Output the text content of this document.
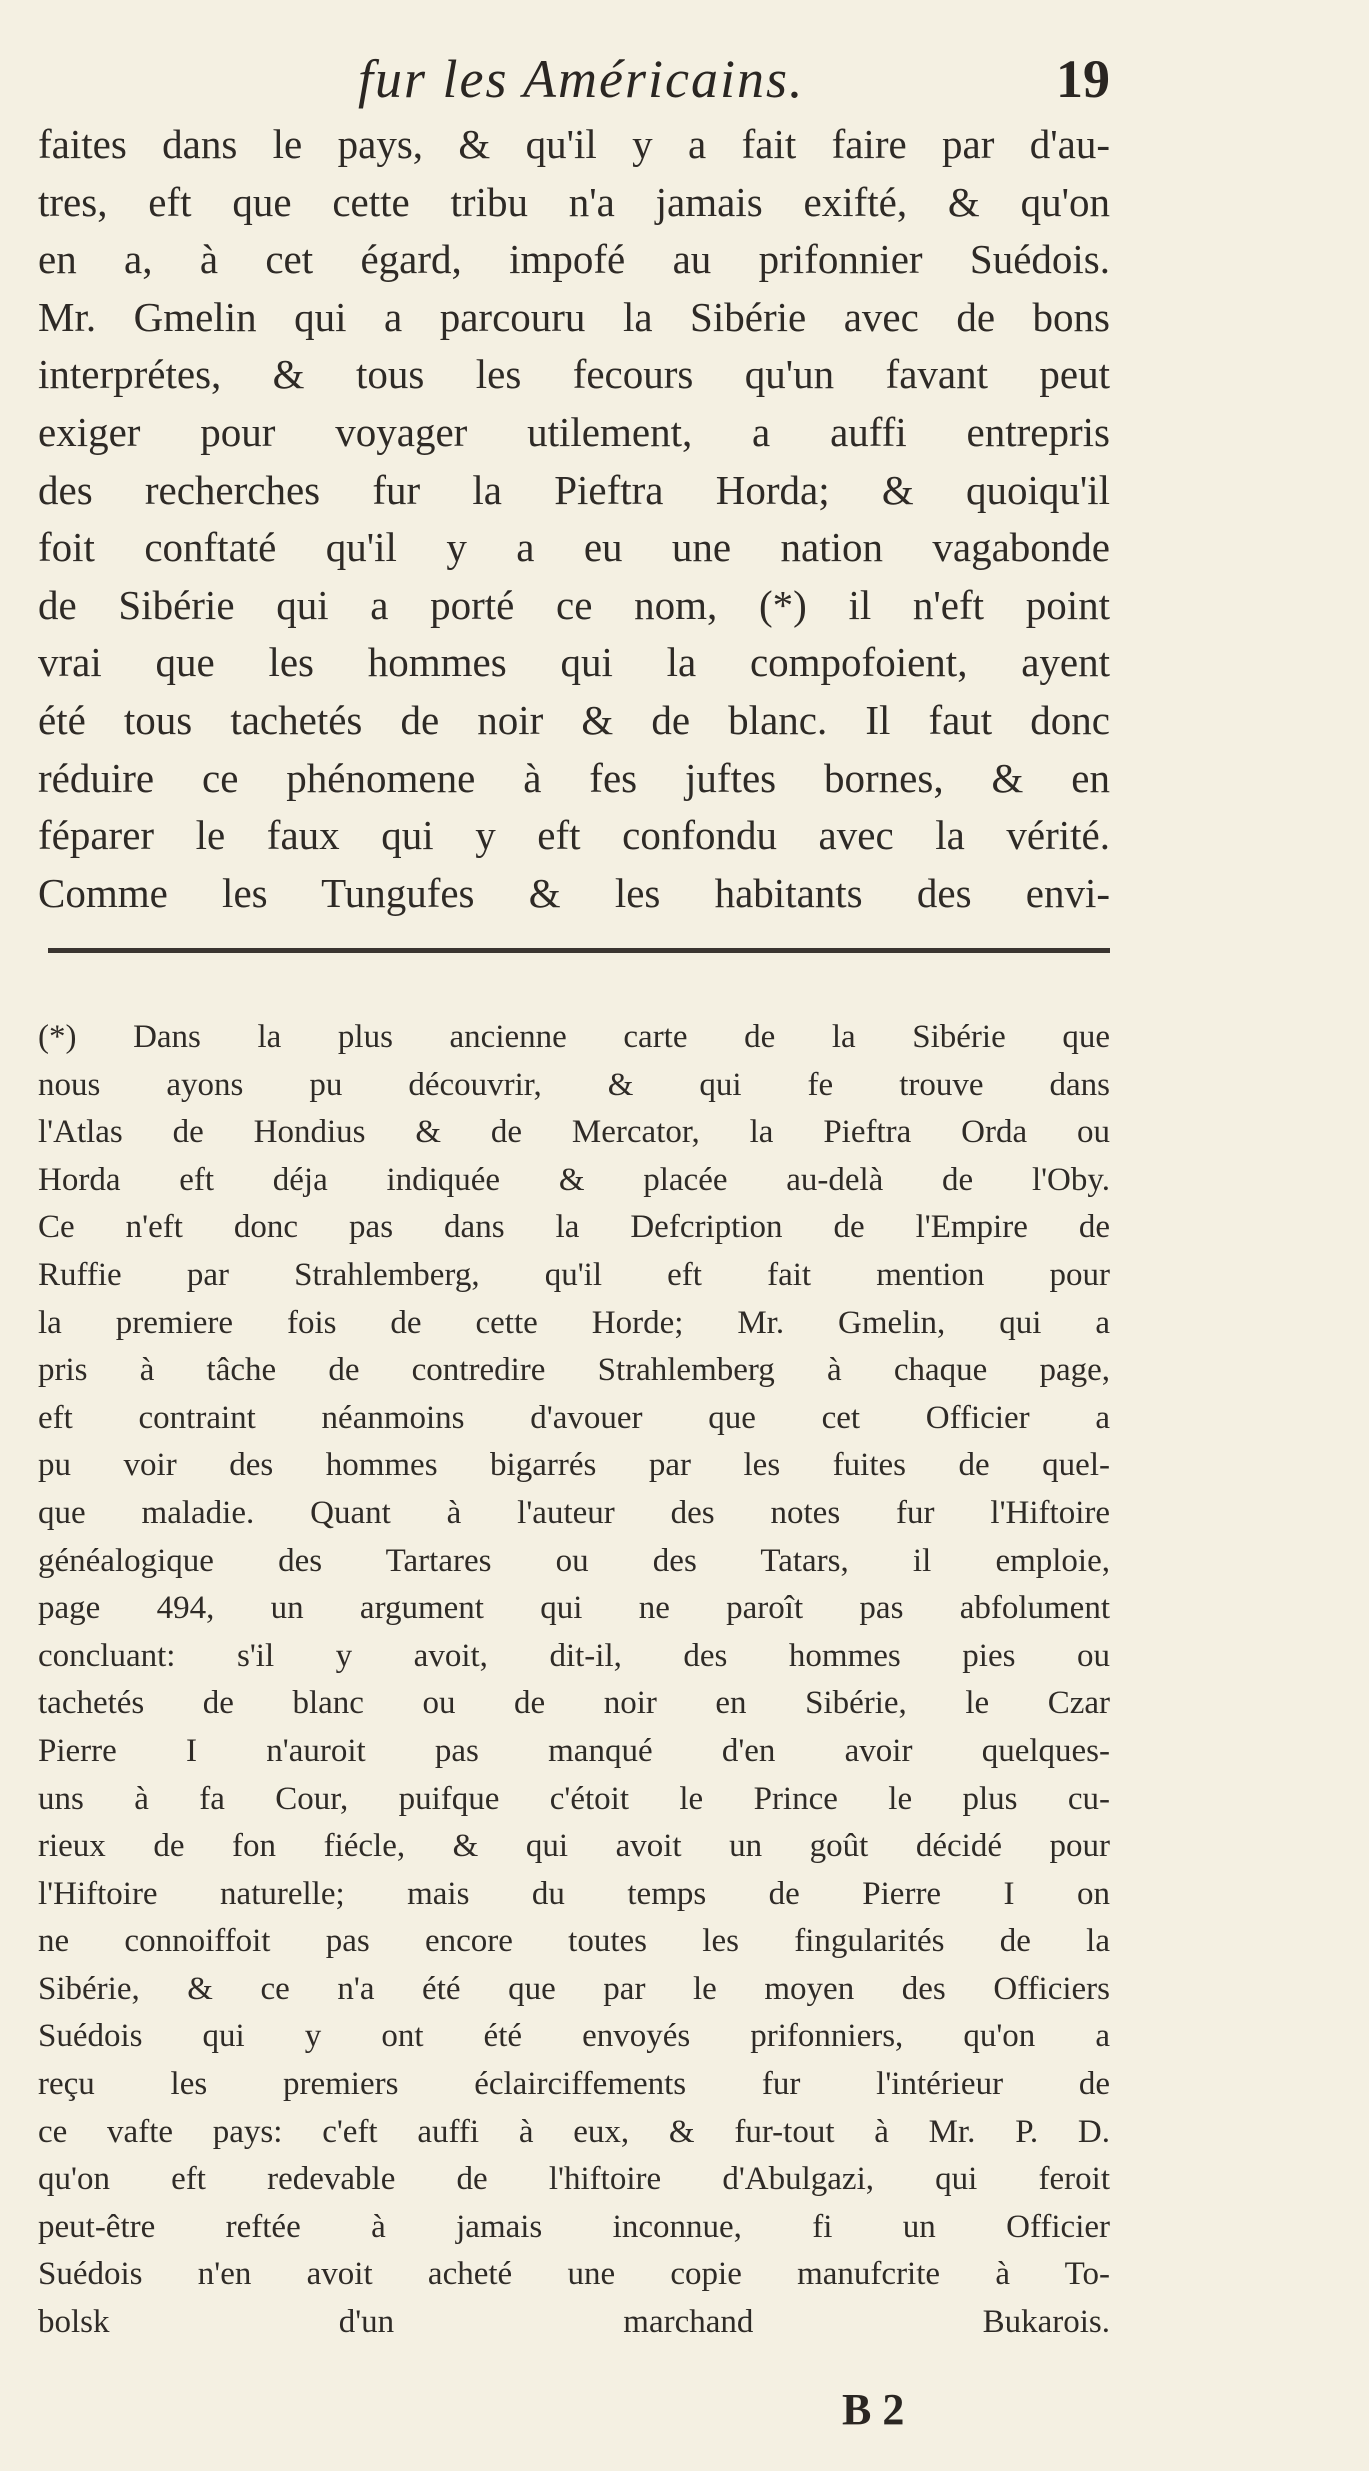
fur les Américains.	19
faites dans le pays, & qu'il y a fait faire par d'au-
tres, eft que cette tribu n'a jamais exifté, & qu'on
en a, à cet égard, impofé au prifonnier Suédois.
Mr. Gmelin qui a parcouru la Sibérie avec de bons
interprétes, & tous les fecours qu'un favant peut
exiger pour voyager utilement, a auffi entrepris
des recherches fur la Pieftra Horda; & quoiqu'il
foit conftaté qu'il y a eu une nation vagabonde
de Sibérie qui a porté ce nom, (*) il n'eft point
vrai que les hommes qui la compofoient, ayent
été tous tachetés de noir & de blanc. Il faut donc
réduire ce phénomene à fes juftes bornes, & en
féparer le faux qui y eft confondu avec la vérité.
Comme les Tungufes & les habitants des envi-
(*) Dans la plus ancienne carte de la Sibérie que
nous ayons pu découvrir, & qui fe trouve dans
l'Atlas de Hondius & de Mercator, la Pieftra Orda ou
Horda eft déja indiquée & placée au-delà de l'Oby.
Ce n'eft donc pas dans la Defcription de l'Empire de
Ruffie par Strahlemberg, qu'il eft fait mention pour
la premiere fois de cette Horde; Mr. Gmelin, qui a
pris à tâche de contredire Strahlemberg à chaque page,
eft contraint néanmoins d'avouer que cet Officier a
pu voir des hommes bigarrés par les fuites de quel-
que maladie. Quant à l'auteur des notes fur l'Hiftoire
généalogique des Tartares ou des Tatars, il emploie,
page 494, un argument qui ne paroît pas abfolument
concluant: s'il y avoit, dit-il, des hommes pies ou
tachetés de blanc ou de noir en Sibérie, le Czar
Pierre I n'auroit pas manqué d'en avoir quelques-
uns à fa Cour, puifque c'étoit le Prince le plus cu-
rieux de fon fiécle, & qui avoit un goût décidé pour
l'Hiftoire naturelle; mais du temps de Pierre I on
ne connoiffoit pas encore toutes les fingularités de la
Sibérie, & ce n'a été que par le moyen des Officiers
Suédois qui y ont été envoyés prifonniers, qu'on a
reçu les premiers éclairciffements fur l'intérieur de
ce vafte pays: c'eft auffi à eux, & fur-tout à Mr. P. D.
qu'on eft redevable de l'hiftoire d'Abulgazi, qui feroit
peut-être reftée à jamais inconnue, fi un Officier
Suédois n'en avoit acheté une copie manufcrite à To-
bolsk d'un marchand Bukarois.
B 2
